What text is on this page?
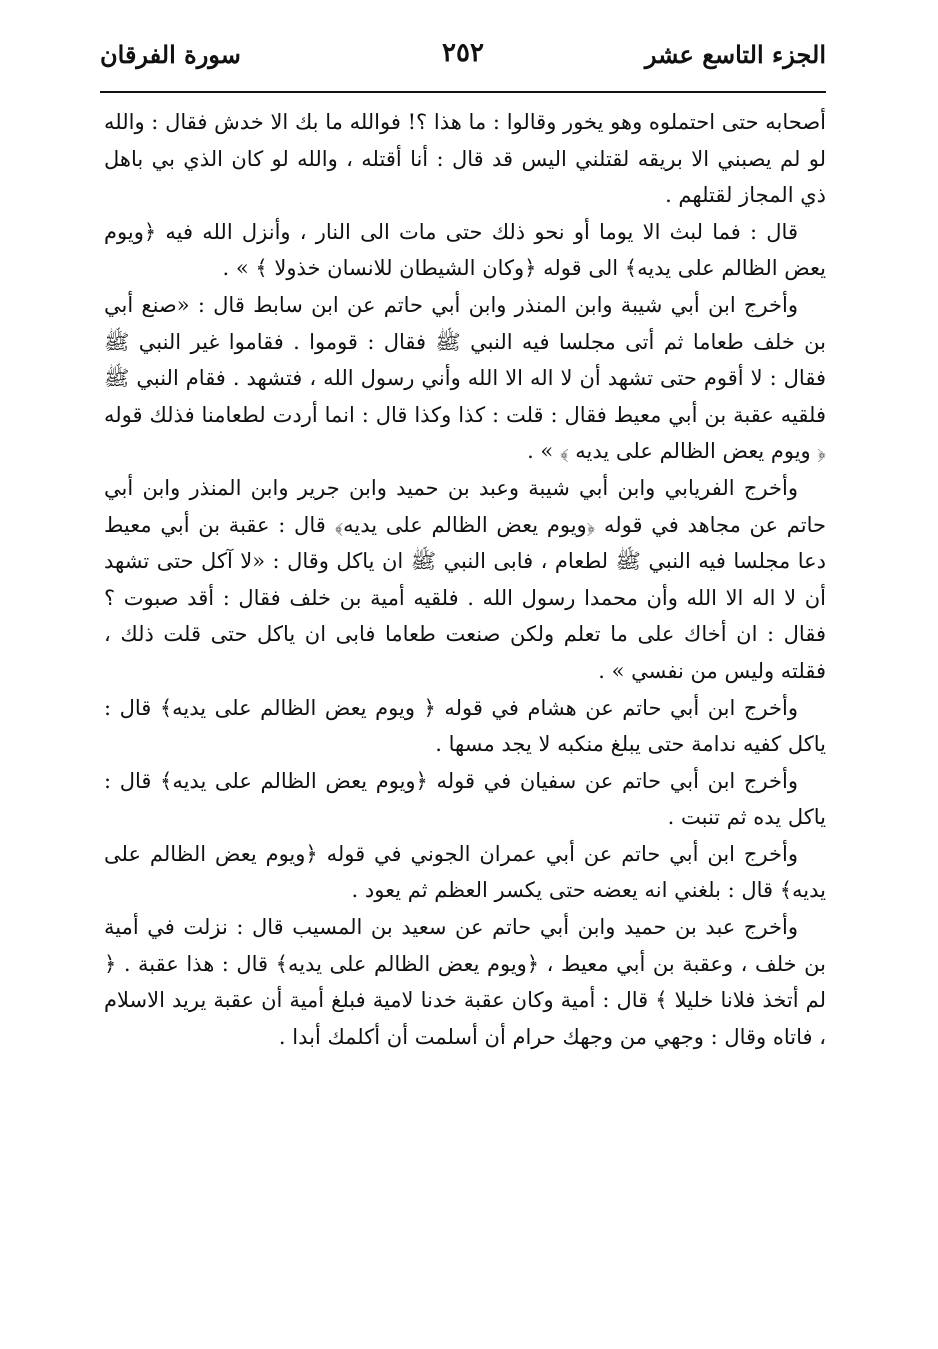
الجزء التاسع عشر
٢٥٢
سورة الفرقان

أصحابه حتى احتملوه وهو يخور وقالوا : ما هذا ؟! فوالله ما بك الا خدش فقال : والله لو لم يصبني الا بريقه لقتلني اليس قد قال : أنا أقتله ، والله لو كان الذي بي باهل ذي المجاز لقتلهم .

قال : فما لبث الا يوما أو نحو ذلك حتى مات الى النار ، وأنزل الله فيه ﴿ويوم يعض الظالم على يديه﴾ الى قوله ﴿وكان الشيطان للانسان خذولا ﴾ » .

وأخرج ابن أبي شيبة وابن المنذر وابن أبي حاتم عن ابن سابط قال : «صنع أبي بن خلف طعاما ثم أتى مجلسا فيه النبي ﷺ فقال : قوموا . فقاموا غير النبي ﷺ فقال : لا أقوم حتى تشهد أن لا اله الا الله وأني رسول الله ، فتشهد . فقام النبي ﷺ فلقيه عقبة بن أبي معيط فقال : قلت : كذا وكذا قال : انما أردت لطعامنا فذلك قوله ﴿ ويوم يعض الظالم على يديه ﴾ » .

وأخرج الفريابي وابن أبي شيبة وعبد بن حميد وابن جرير وابن المنذر وابن أبي حاتم عن مجاهد في قوله ﴿ويوم يعض الظالم على يديه﴾ قال : عقبة بن أبي معيط دعا مجلسا فيه النبي ﷺ لطعام ، فابى النبي ﷺ ان ياكل وقال : «لا آكل حتى تشهد أن لا اله الا الله وأن محمدا رسول الله . فلقيه أمية بن خلف فقال : أقد صبوت ؟ فقال : ان أخاك على ما تعلم ولكن صنعت طعاما فابى ان ياكل حتى قلت ذلك ، فقلته وليس من نفسي » .

وأخرج ابن أبي حاتم عن هشام في قوله ﴿ ويوم يعض الظالم على يديه﴾ قال : ياكل كفيه ندامة حتى يبلغ منكبه لا يجد مسها .

وأخرج ابن أبي حاتم عن سفيان في قوله ﴿ويوم يعض الظالم على يديه﴾ قال : ياكل يده ثم تنبت .

وأخرج ابن أبي حاتم عن أبي عمران الجوني في قوله ﴿ويوم يعض الظالم على يديه﴾ قال : بلغني انه يعضه حتى يكسر العظم ثم يعود .

وأخرج عبد بن حميد وابن أبي حاتم عن سعيد بن المسيب قال : نزلت في أمية بن خلف ، وعقبة بن أبي معيط ، ﴿ويوم يعض الظالم على يديه﴾ قال : هذا عقبة . ﴿ لم أتخذ فلانا خليلا ﴾ قال : أمية وكان عقبة خدنا لامية فبلغ أمية أن عقبة يريد الاسلام ، فاتاه وقال : وجهي من وجهك حرام أن أسلمت أن أكلمك أبدا .
